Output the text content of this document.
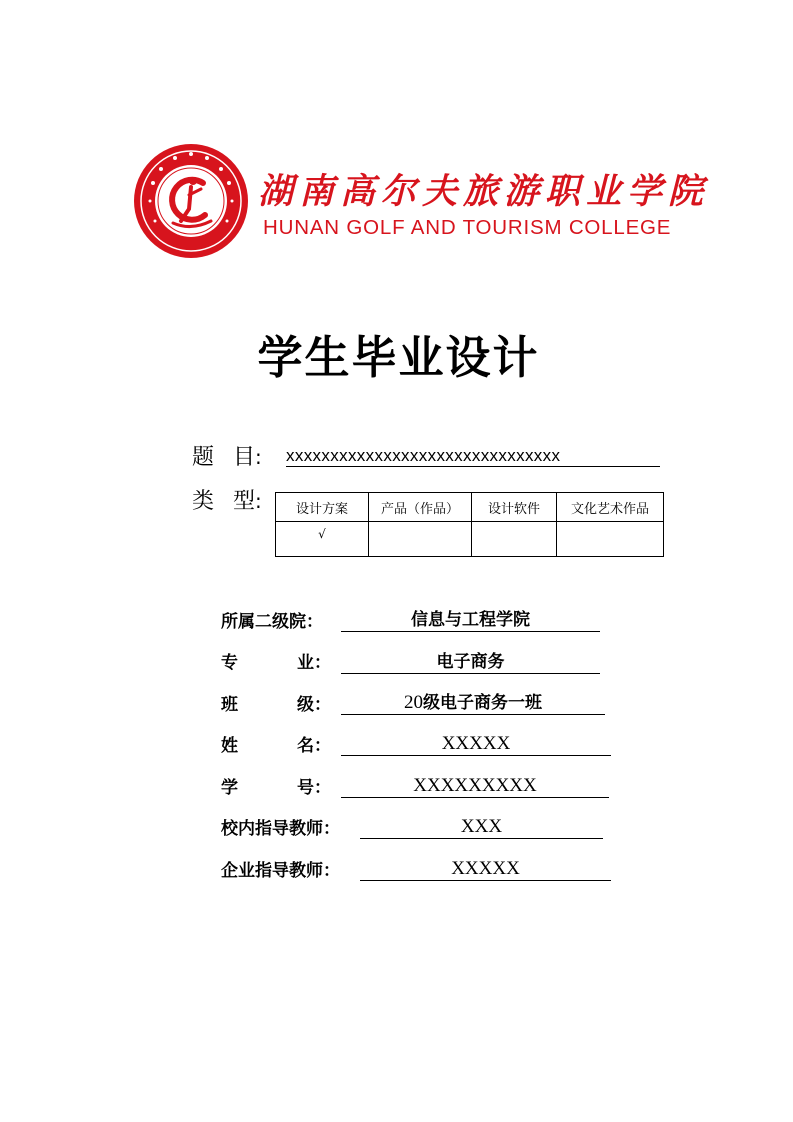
湖南高尔夫旅游职业学院
HUNAN GOLF AND TOURISM COLLEGE
学生毕业设计
题 目: xxxxxxxxxxxxxxxxxxxxxxxxxxxxxxx
类 型:	设计方案	产品（作品）	设计软件	文化艺术作品
√			
所属二级院：	信息与工程学院
专	业：	电子商务
班	级：	20级电子商务一班
姓	名：	XXXXX
学	号：	XXXXXXXXX
校内指导教师：	XXX
企业指导教师：	XXXXX
